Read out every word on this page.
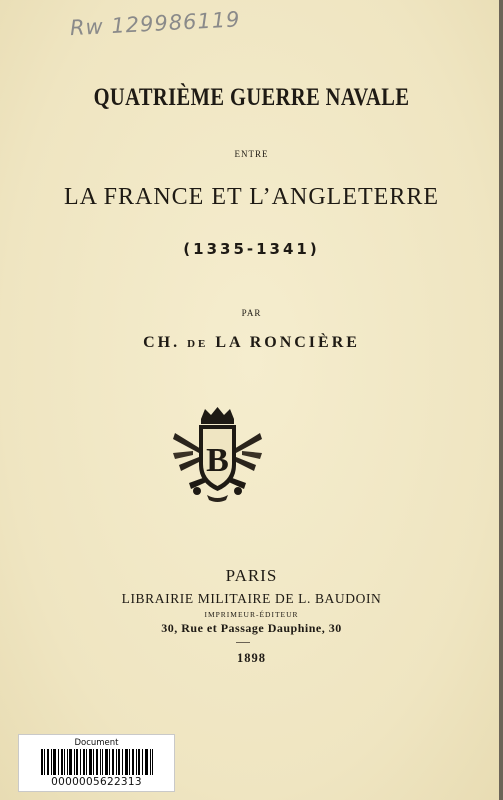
Rw 129986119
QUATRIÈME GUERRE NAVALE
ENTRE
LA FRANCE ET L’ANGLETERRE
(1335-1341)
PAR
CH. DE LA RONCIÈRE
B
PARIS
LIBRAIRIE MILITAIRE DE L. BAUDOIN
IMPRIMEUR-ÉDITEUR
30, Rue et Passage Dauphine, 30
1898
Document
0000005622313
